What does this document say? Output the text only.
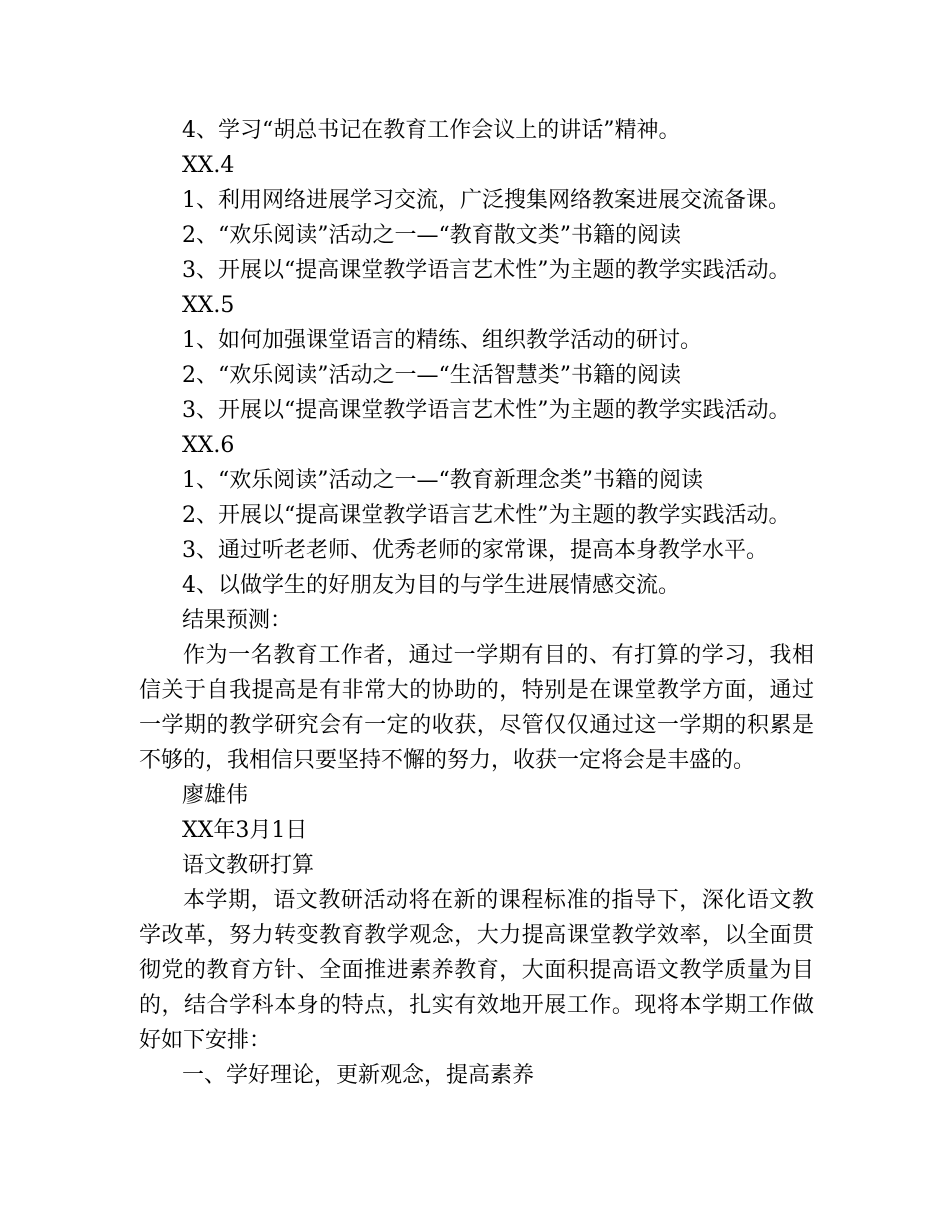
4、学习“胡总书记在教育工作会议上的讲话”精神。
XX.4
1、利用网络进展学习交流，广泛搜集网络教案进展交流备课。
2、“欢乐阅读”活动之一—“教育散文类”书籍的阅读
3、开展以“提高课堂教学语言艺术性”为主题的教学实践活动。
XX.5
1、如何加强课堂语言的精练、组织教学活动的研讨。
2、“欢乐阅读”活动之一—“生活智慧类”书籍的阅读
3、开展以“提高课堂教学语言艺术性”为主题的教学实践活动。
XX.6
1、“欢乐阅读”活动之一—“教育新理念类”书籍的阅读
2、开展以“提高课堂教学语言艺术性”为主题的教学实践活动。
3、通过听老老师、优秀老师的家常课，提高本身教学水平。
4、以做学生的好朋友为目的与学生进展情感交流。
结果预测：

作为一名教育工作者，通过一学期有目的、有打算的学习，我相信关于自我提高是有非常大的协助的，特别是在课堂教学方面，通过一学期的教学研究会有一定的收获，尽管仅仅通过这一学期的积累是不够的，我相信只要坚持不懈的努力，收获一定将会是丰盛的。

廖雄伟
XX年3月1日
语文教研打算

本学期，语文教研活动将在新的课程标准的指导下，深化语文教学改革，努力转变教育教学观念，大力提高课堂教学效率，以全面贯彻党的教育方针、全面推进素养教育，大面积提高语文教学质量为目的，结合学科本身的特点，扎实有效地开展工作。现将本学期工作做好如下安排：

一、学好理论，更新观念，提高素养
